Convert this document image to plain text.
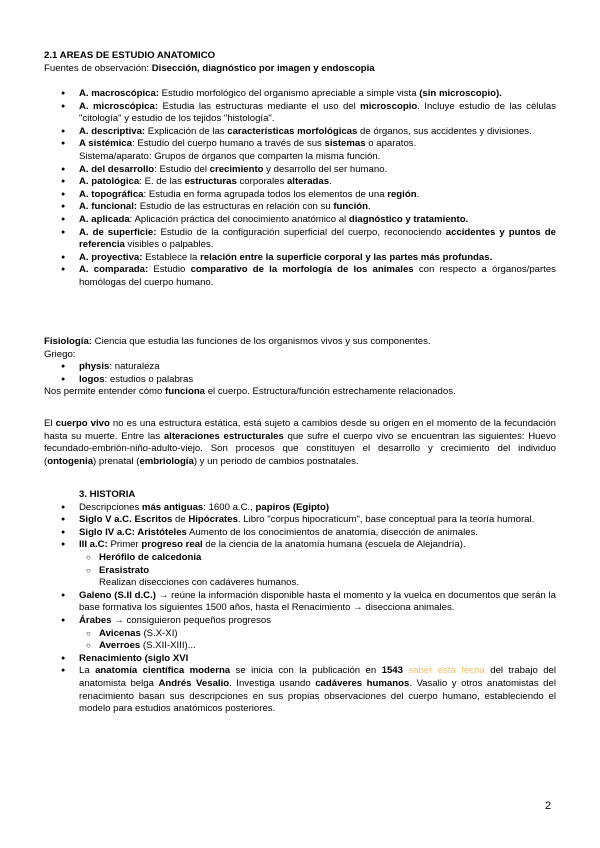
2.1 AREAS DE ESTUDIO ANATOMICO
Fuentes de observación: Disección, diagnóstico por imagen y endoscopia
● A. macroscópica: Estudio morfológico del organismo apreciable a simple vista (sin microscopio).
● A. microscópica: Estudia las estructuras mediante el uso del microscopio. Incluye estudio de las células "citología" y estudio de los tejidos "histología".
● A. descriptiva: Explicación de las características morfológicas de órganos, sus accidentes y divisiones.
● A sistémica: Estudio del cuerpo humano a través de sus sistemas o aparatos.
Sistema/aparato: Grupos de órganos que comparten la misma función.
● A. del desarrollo: Estudio del crecimiento y desarrollo del ser humano.
● A. patológica: E. de las estructuras corporales alteradas.
● A. topográfica: Estudia en forma agrupada todos los elementos de una región.
● A. funcional: Estudio de las estructuras en relación con su función.
● A. aplicada: Aplicación práctica del conocimiento anatómico al diagnóstico y tratamiento.
● A. de superficie: Estudio de la configuración superficial del cuerpo, reconociendo accidentes y puntos de referencia visibles o palpables.
● A. proyectiva: Establece la relación entre la superficie corporal y las partes más profundas.
● A. comparada: Estudio comparativo de la morfología de los animales con respecto a órganos/partes homólogas del cuerpo humano.
Fisiología: Ciencia que estudia las funciones de los organismos vivos y sus componentes.
Griego:
● physis: naturaleza
● logos: estudios o palabras
Nos permite entender cómo funciona el cuerpo. Estructura/función estrechamente relacionados.
El cuerpo vivo no es una estructura estática, está sujeto a cambios desde su origen en el momento de la fecundación hasta su muerte. Entre las alteraciones estructurales que sufre el cuerpo vivo se encuentran las siguientes: Huevo fecundado-embrión-niño-adulto-viejo. Son procesos que constituyen el desarrollo y crecimiento del individuo (ontogenia) prenatal (embriología) y un periodo de cambios postnatales.
3. HISTORIA
● Descripciones más antiguas: 1600 a.C., papiros (Egipto)
● Siglo V a.C. Escritos de Hipócrates. Libro "corpus hipocraticum", base conceptual para la teoría humoral.
● Siglo IV a.C: Aristóteles Aumento de los conocimientos de anatomía, disección de animales.
● III a.C: Primer progreso real de la ciencia de la anatomía humana (escuela de Alejandría).
○ Herófilo de calcedonia
○ Erasistrato
Realizan disecciones con cadáveres humanos.
● Galeno (S.II d.C.) → reúne la información disponible hasta el momento y la vuelca en documentos que serán la base formativa los siguientes 1500 años, hasta el Renacimiento → disecciona animales.
● Árabes → consiguieron pequeños progresos
○ Avicenas (S.X-XI)
○ Averroes (S.XII-XIII)...
● Renacimiento (siglo XVI
● La anatomía científica moderna se inicia con la publicación en 1543 saber está fecha del trabajo del anatomista belga Andrés Vesalio. Investiga usando cadáveres humanos. Vasalio y otros anatomistas del renacimiento basan sus descripciones en sus propias observaciones del cuerpo humano, estableciendo el modelo para estudios anatómicos posteriores.
2
